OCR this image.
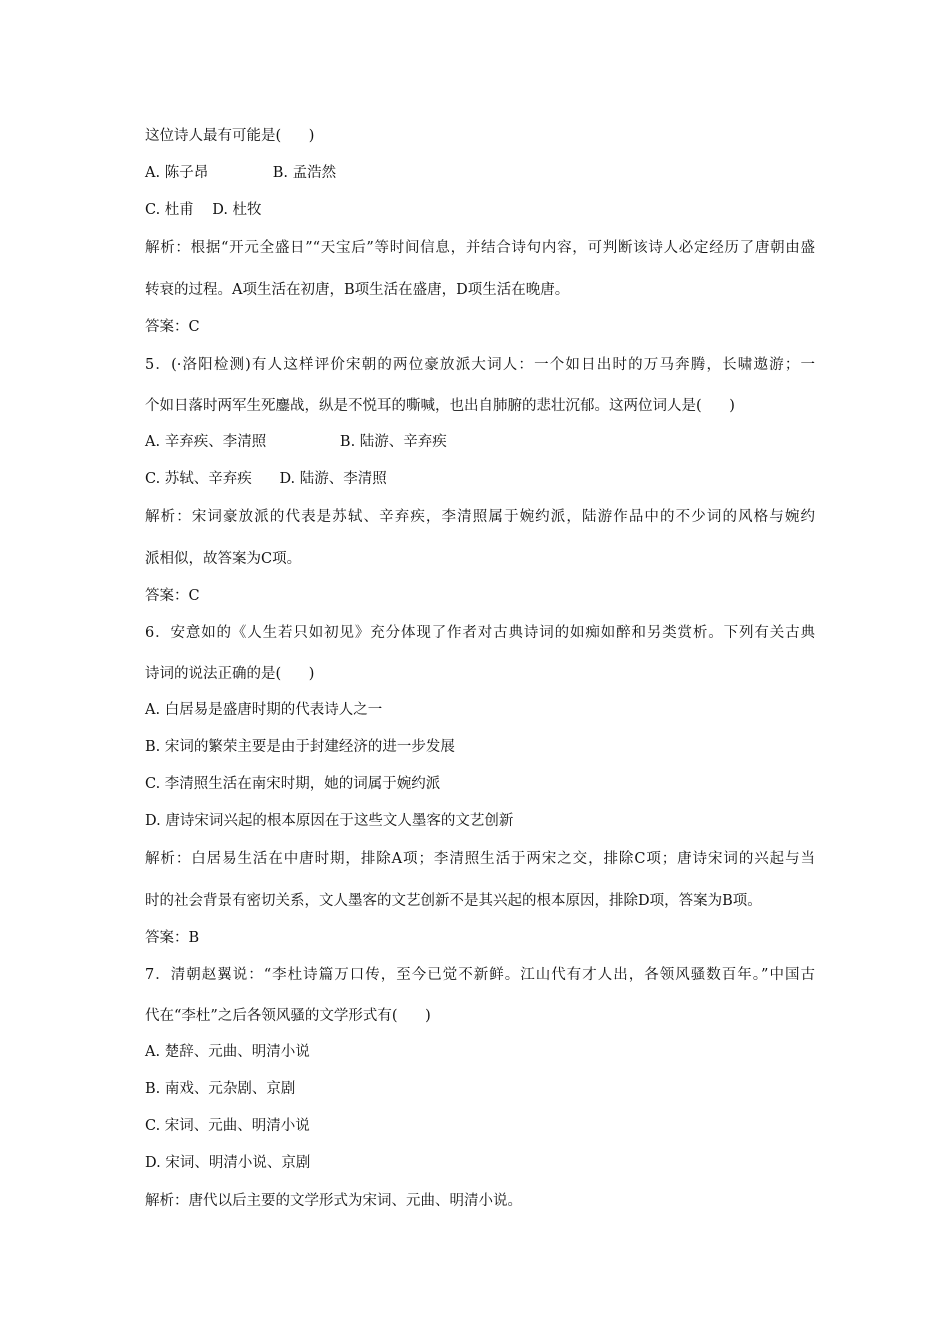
这位诗人最有可能是(      )

A. 陈子昂              B. 孟浩然

C. 杜甫    D. 杜牧

解析：根据“开元全盛日”“天宝后”等时间信息，并结合诗句内容，可判断该诗人必定经历了唐朝由盛

转衰的过程。A项生活在初唐，B项生活在盛唐，D项生活在晚唐。

答案：C

5．(·洛阳检测)有人这样评价宋朝的两位豪放派大词人：一个如日出时的万马奔腾，长啸遨游；一

个如日落时两军生死鏖战，纵是不悦耳的嘶喊，也出自肺腑的悲壮沉郁。这两位词人是(      )

A. 辛弃疾、李清照                B. 陆游、辛弃疾

C. 苏轼、辛弃疾      D. 陆游、李清照

解析：宋词豪放派的代表是苏轼、辛弃疾，李清照属于婉约派，陆游作品中的不少词的风格与婉约

派相似，故答案为C项。

答案：C

6．安意如的《人生若只如初见》充分体现了作者对古典诗词的如痴如醉和另类赏析。下列有关古典

诗词的说法正确的是(      )

A. 白居易是盛唐时期的代表诗人之一

B. 宋词的繁荣主要是由于封建经济的进一步发展

C. 李清照生活在南宋时期，她的词属于婉约派

D. 唐诗宋词兴起的根本原因在于这些文人墨客的文艺创新

解析：白居易生活在中唐时期，排除A项；李清照生活于两宋之交，排除C项；唐诗宋词的兴起与当

时的社会背景有密切关系，文人墨客的文艺创新不是其兴起的根本原因，排除D项，答案为B项。

答案：B

7．清朝赵翼说：“李杜诗篇万口传，至今已觉不新鲜。江山代有才人出，各领风骚数百年。”中国古

代在“李杜”之后各领风骚的文学形式有(      )

A. 楚辞、元曲、明清小说

B. 南戏、元杂剧、京剧

C. 宋词、元曲、明清小说

D. 宋词、明清小说、京剧

解析：唐代以后主要的文学形式为宋词、元曲、明清小说。
